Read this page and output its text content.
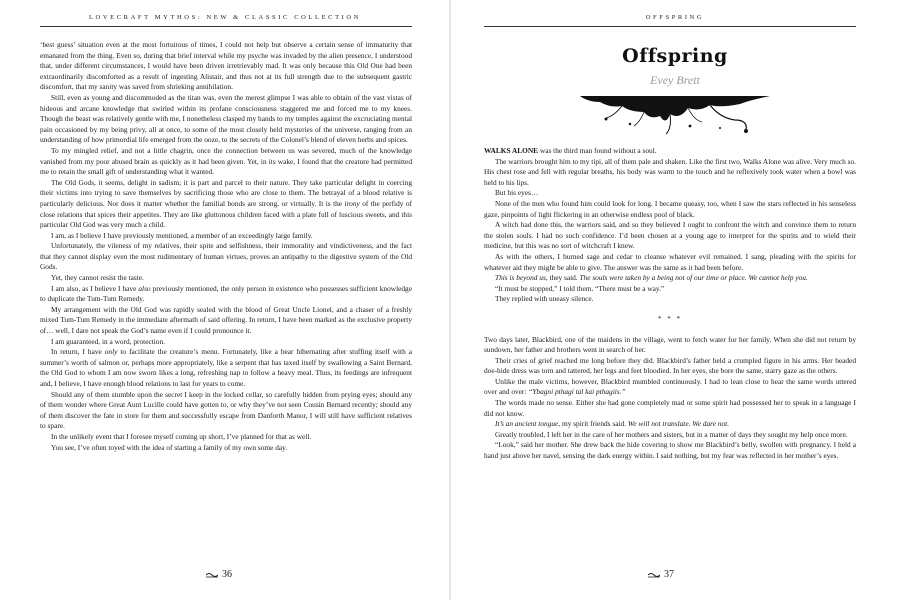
LOVECRAFT MYTHOS: NEW & CLASSIC COLLECTION

‘best guess’ situation even at the most fortuitous of times, I could not help but observe a certain sense of immaturity that emanated from the thing. Even so, during that brief interval while my psyche was invaded by the alien presence, I understood that, under different circumstances, I would have been driven irretrievably mad. It was only because this Old One had been extraordinarily discomforted as a result of ingesting Alistair, and thus not at its full strength due to the subsequent gastric discomfort, that my sanity was saved from shrieking annihilation.

Still, even as young and discommoded as the titan was, even the merest glimpse I was able to obtain of the vast vistas of hideous and arcane knowledge that swirled within its profane consciousness staggered me and forced me to my knees. Though the beast was relatively gentle with me, I nonetheless clasped my hands to my temples against the excruciating mental pain occasioned by my being privy, all at once, to some of the most closely held mysteries of the universe, ranging from an understanding of how primordial life emerged from the ooze, to the secrets of the Colonel’s blend of eleven herbs and spices.

To my mingled relief, and not a little chagrin, once the connection between us was severed, much of the knowledge vanished from my poor abused brain as quickly as it had been given. Yet, in its wake, I found that the creature had permitted me to retain the small gift of understanding what it wanted.

The Old Gods, it seems, delight in sadism; it is part and parcel to their nature. They take particular delight in coercing their victims into trying to save themselves by sacrificing those who are close to them. The betrayal of a blood relative is particularly delicious. Nor does it matter whether the familial bonds are strong, or virtually. It is the irony of the perfidy of close relations that spices their appetites. They are like gluttonous children faced with a plate full of luscious sweets, and this particular Old God was very much a child.

I am, as I believe I have previously mentioned, a member of an exceedingly large family.

Unfortunately, the vileness of my relatives, their spite and selfishness, their immorality and vindictiveness, and the fact that they cannot display even the most rudimentary of human virtues, proves an antipathy to the digestive system of the Old Gods.

Yet, they cannot resist the taste.

I am also, as I believe I have also previously mentioned, the only person in existence who possesses sufficient knowledge to duplicate the Tum-Tum Remedy.

My arrangement with the Old God was rapidly sealed with the blood of Great Uncle Lionel, and a chaser of a freshly mixed Tum-Tum Remedy in the immediate aftermath of said offering. In return, I have been marked as the exclusive property of… well, I dare not speak the God’s name even if I could pronounce it.

I am guaranteed, in a word, protection.

In return, I have only to facilitate the creature’s menu. Fortunately, like a bear hibernating after stuffing itself with a summer’s worth of salmon or, perhaps more appropriately, like a serpent that has taxed itself by swallowing a Saint Bernard, the Old God to whom I am now sworn likes a long, refreshing nap to follow a heavy meal. Thus, its feedings are infrequent and, I believe, I have enough blood relations to last for years to come.

Should any of them stumble upon the secret I keep in the locked cellar, so carefully hidden from prying eyes; should any of them wonder where Great Aunt Lucille could have gotten to, or why they’ve not seen Cousin Bernard recently; should any of them discover the fate in store for them and successfully escape from Danforth Manor, I will still have sufficient relatives to spare.

In the unlikely event that I foresee myself coming up short, I’ve planned for that as well.

You see, I’ve often toyed with the idea of starting a family of my own some day.

36
OFFSPRING
Offspring
Evey Brett

WALKS ALONE was the third man found without a soul.

The warriors brought him to my tipi, all of them pale and shaken. Like the first two, Walks Alone was alive. Very much so. His chest rose and fell with regular breaths, his body was warm to the touch and he reflexively took water when a bowl was held to his lips.

But his eyes…

None of the men who found him could look for long. I became queasy, too, when I saw the stars reflected in his senseless gaze, pinpoints of light flickering in an otherwise endless pool of black.

A witch had done this, the warriors said, and so they believed I ought to confront the witch and convince them to return the stolen souls. I had no such confidence. I’d been chosen at a young age to interpret for the spirits and to wield their medicine, but this was no sort of witchcraft I knew.

As with the others, I burned sage and cedar to cleanse whatever evil remained. I sang, pleading with the spirits for whatever aid they might be able to give. The answer was the same as it had been before.

This is beyond us, they said. The souls were taken by a being not of our time or place. We cannot help you.

“It must be stopped,” I told them. “There must be a way.”

They replied with uneasy silence.

* * *

Two days later, Blackbird, one of the maidens in the village, went to fetch water for her family. When she did not return by sundown, her father and brothers went in search of her.

Their cries of grief reached me long before they did. Blackbird’s father held a crumpled figure in his arms. Her beaded doe-hide dress was torn and tattered, her legs and feet bloodied. In her eyes, she bore the same, starry gaze as the others.

Unlike the male victims, however, Blackbird mumbled continuously. I had to lean close to hear the same words uttered over and over: “Ybagni pthagi tal kai pthagiis.”

The words made no sense. Either she had gone completely mad or some spirit had possessed her to speak in a language I did not know.

It’s an ancient tongue, my spirit friends said. We will not translate. We dare not.

Greatly troubled, I left her in the care of her mothers and sisters, but in a matter of days they sought my help once more.

“Look,” said her mother. She drew back the hide covering to show me Blackbird’s belly, swollen with pregnancy. I held a hand just above her navel, sensing the dark energy within. I said nothing, but my fear was reflected in her mother’s eyes.

37
